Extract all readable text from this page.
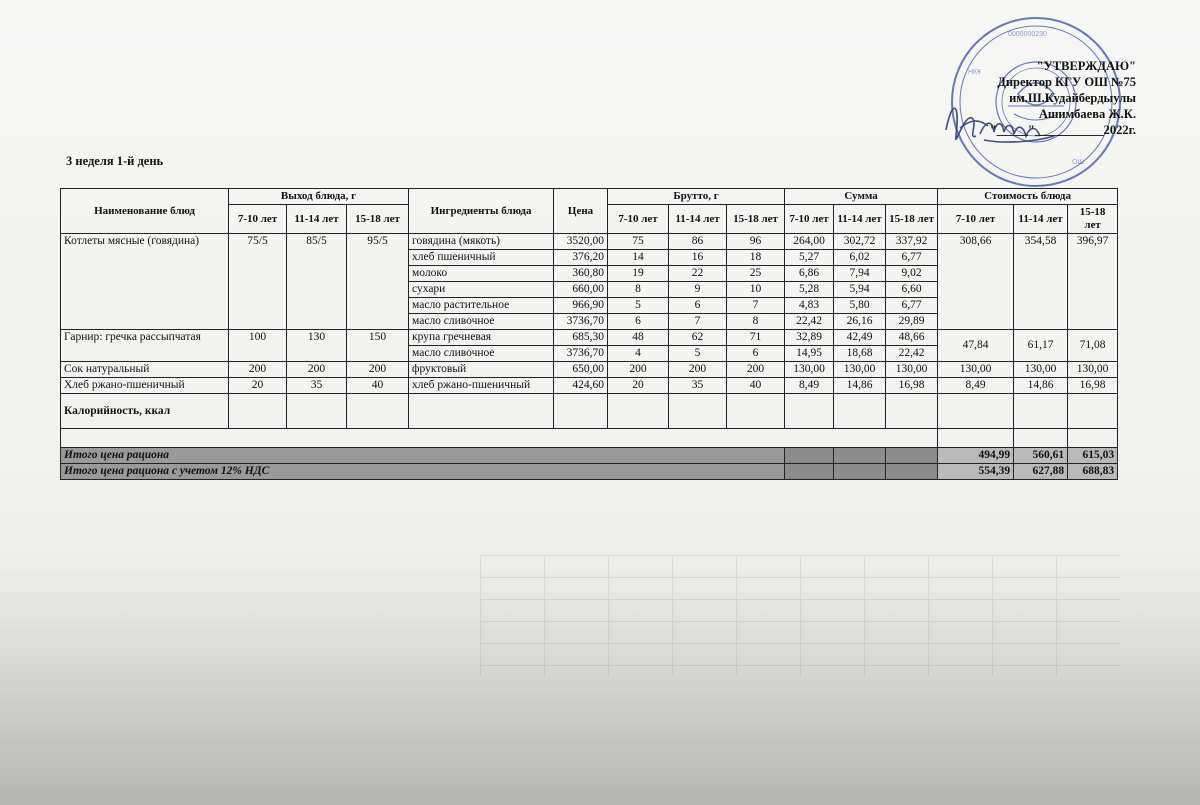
0000000230
НКҰ
ОШ
"УТВЕРЖДАЮ"
Директор КГУ ОШ №75
им.Ш.Кудайбердыулы
Ашимбаева Ж.К.
"_____"___________2022г.
3 неделя 1-й день
Наименование блюд	Выход блюда, г			Ингредиенты блюда	Цена	Брутто, г			Сумма			Стоимость блюда		
	7-10 лет	11-14 лет	15-18 лет			7-10 лет	11-14 лет	15-18 лет	7-10 лет	11-14 лет	15-18 лет	7-10 лет	11-14 лет	15-18 лет
Котлеты мясные (говядина)	75/5	85/5	95/5	говядина (мякоть)	3520,00	75	86	96	264,00	302,72	337,92	308,66	354,58	396,97
				хлеб пшеничный	376,20	14	16	18	5,27	6,02	6,77			
				молоко	360,80	19	22	25	6,86	7,94	9,02			
				сухари	660,00	8	9	10	5,28	5,94	6,60			
				масло растительное	966,90	5	6	7	4,83	5,80	6,77			
				масло сливочное	3736,70	6	7	8	22,42	26,16	29,89			
Гарнир: гречка рассыпчатая	100	130	150	крупа гречневая	685,30	48	62	71	32,89	42,49	48,66	47,84	61,17	71,08
				масло сливочное	3736,70	4	5	6	14,95	18,68	22,42			
Сок натуральный	200	200	200	фруктовый	650,00	200	200	200	130,00	130,00	130,00	130,00	130,00	130,00
Хлеб ржано-пшеничный	20	35	40	хлеб ржано-пшеничный	424,60	20	35	40	8,49	14,86	16,98	8,49	14,86	16,98
Калорийность, ккал														

Итого цена рациона												494,99	560,61	615,03
Итого цена рациона с учетом 12% НДС												554,39	627,88	688,83
